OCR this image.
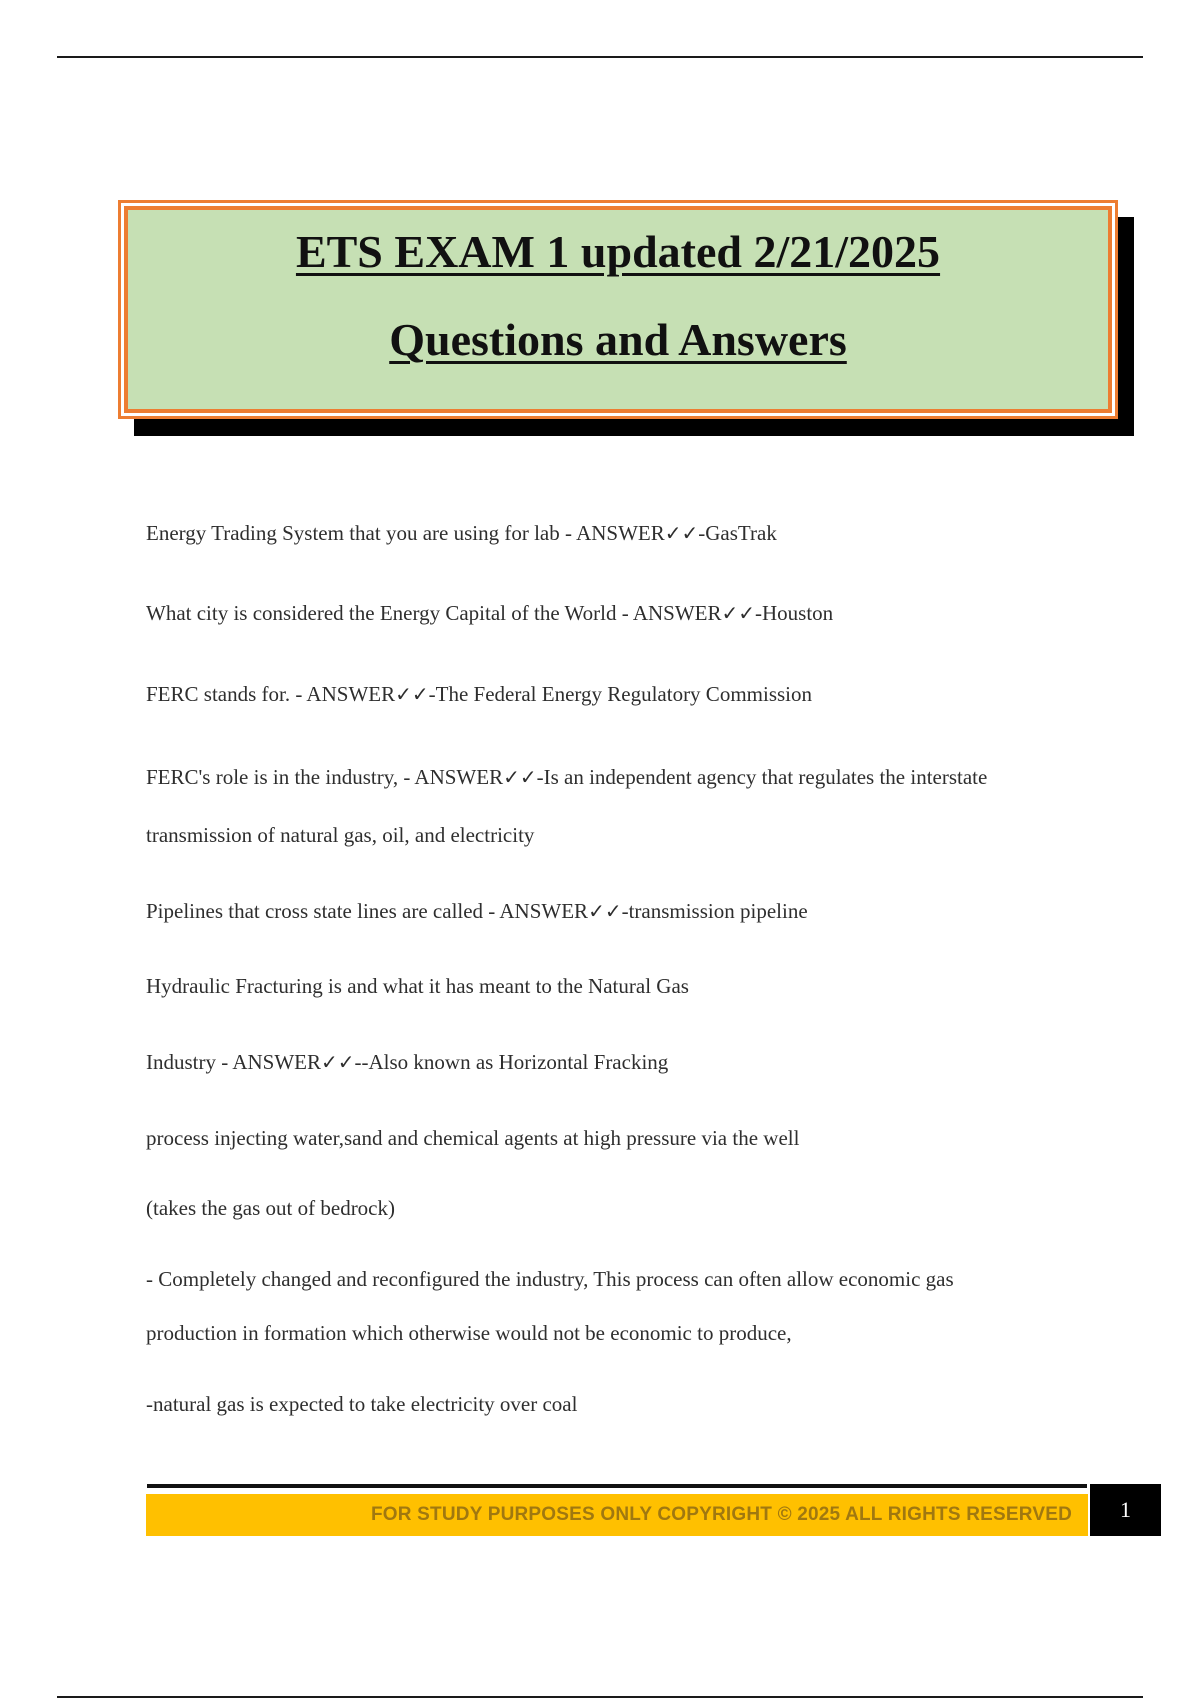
ETS EXAM 1 updated 2/21/2025
Questions and Answers
Energy Trading System that you are using for lab - ANSWER✓✓-GasTrak
What city is considered the Energy Capital of the World - ANSWER✓✓-Houston
FERC stands for. - ANSWER✓✓-The Federal Energy Regulatory Commission
FERC's role is in the industry, - ANSWER✓✓-Is an independent agency that regulates the interstate
transmission of natural gas, oil, and electricity
Pipelines that cross state lines are called - ANSWER✓✓-transmission pipeline
Hydraulic Fracturing is and what it has meant to the Natural Gas
Industry - ANSWER✓✓--Also known as Horizontal Fracking
process injecting water,sand and chemical agents at high pressure via the well
(takes the gas out of bedrock)
- Completely changed and reconfigured the industry, This process can often allow economic gas
production in formation which otherwise would not be economic to produce,
-natural gas is expected to take electricity over coal
FOR STUDY PURPOSES ONLY COPYRIGHT © 2025 ALL RIGHTS RESERVED	1
